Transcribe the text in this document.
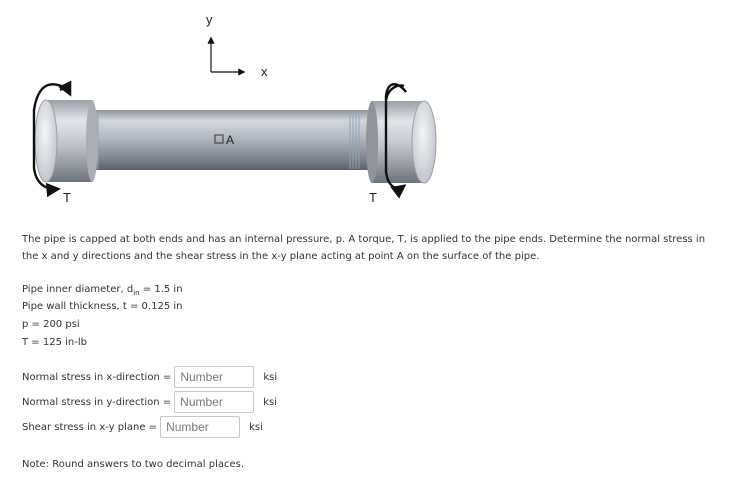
y
x
T	T
A
The pipe is capped at both ends and has an internal pressure, p. A torque, T, is applied to the pipe ends. Determine the normal stress in the x and y directions and the shear stress in the x-y plane acting at point A on the surface of the pipe.
Pipe inner diameter, $d_{in} = 1.5$ in
Pipe wall thickness, t = 0.125 in
p = 200 psi
T = 125 in-lb
Normal stress in x-direction =
Number	ksi
Normal stress in y-direction =
Number	ksi
Shear stress in x-y plane =
Number	ksi
Note: Round answers to two decimal places.
